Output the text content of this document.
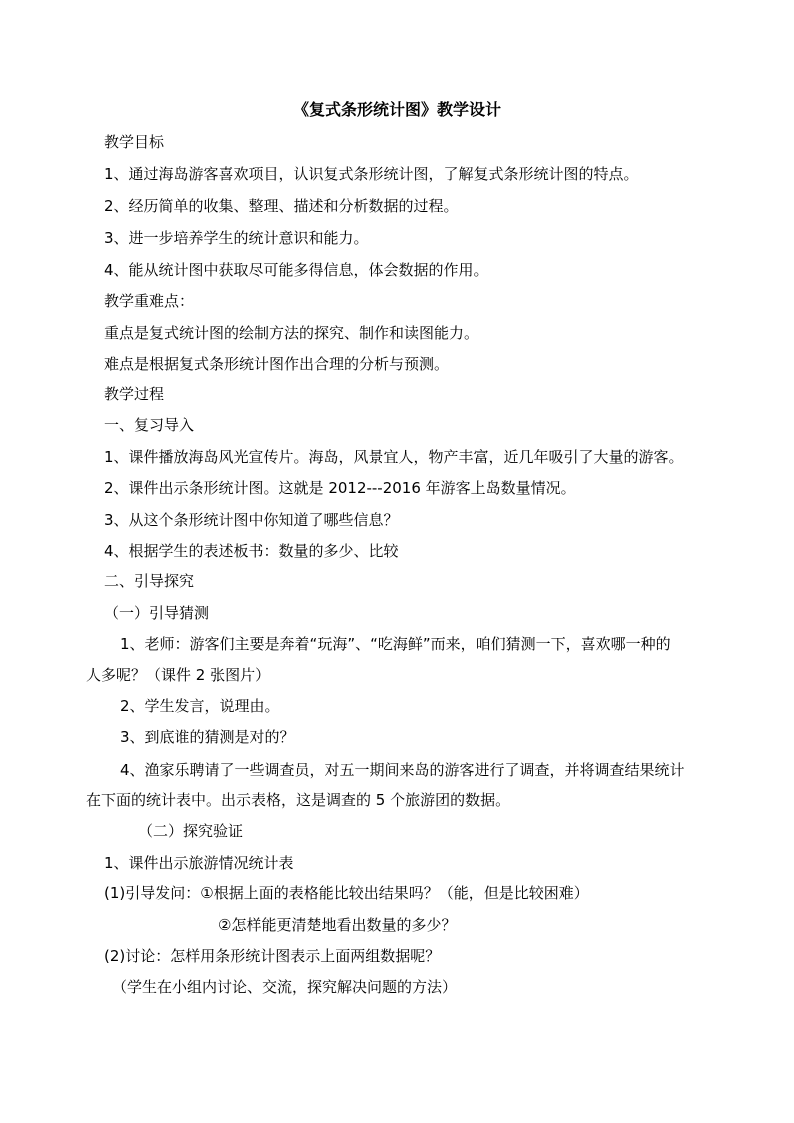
《复式条形统计图》教学设计
教学目标
1、通过海岛游客喜欢项目，认识复式条形统计图，了解复式条形统计图的特点。
2、经历简单的收集、整理、描述和分析数据的过程。
3、进一步培养学生的统计意识和能力。
4、能从统计图中获取尽可能多得信息，体会数据的作用。
教学重难点：
重点是复式统计图的绘制方法的探究、制作和读图能力。
难点是根据复式条形统计图作出合理的分析与预测。
教学过程
一、复习导入
1、课件播放海岛风光宣传片。海岛，风景宜人，物产丰富，近几年吸引了大量的游客。
2、课件出示条形统计图。这就是 2012---2016 年游客上岛数量情况。
3、从这个条形统计图中你知道了哪些信息？
4、根据学生的表述板书：数量的多少、比较
二、引导探究
（一）引导猜测
1、老师：游客们主要是奔着“玩海”、“吃海鲜”而来，咱们猜测一下，喜欢哪一种的
人多呢？（课件 2 张图片）
2、学生发言，说理由。
3、到底谁的猜测是对的？
4、渔家乐聘请了一些调查员，对五一期间来岛的游客进行了调查，并将调查结果统计
在下面的统计表中。出示表格，这是调查的 5 个旅游团的数据。
（二）探究验证
1、课件出示旅游情况统计表
(1)引导发问：①根据上面的表格能比较出结果吗？（能，但是比较困难）
②怎样能更清楚地看出数量的多少？
(2)讨论：怎样用条形统计图表示上面两组数据呢？
（学生在小组内讨论、交流，探究解决问题的方法）
